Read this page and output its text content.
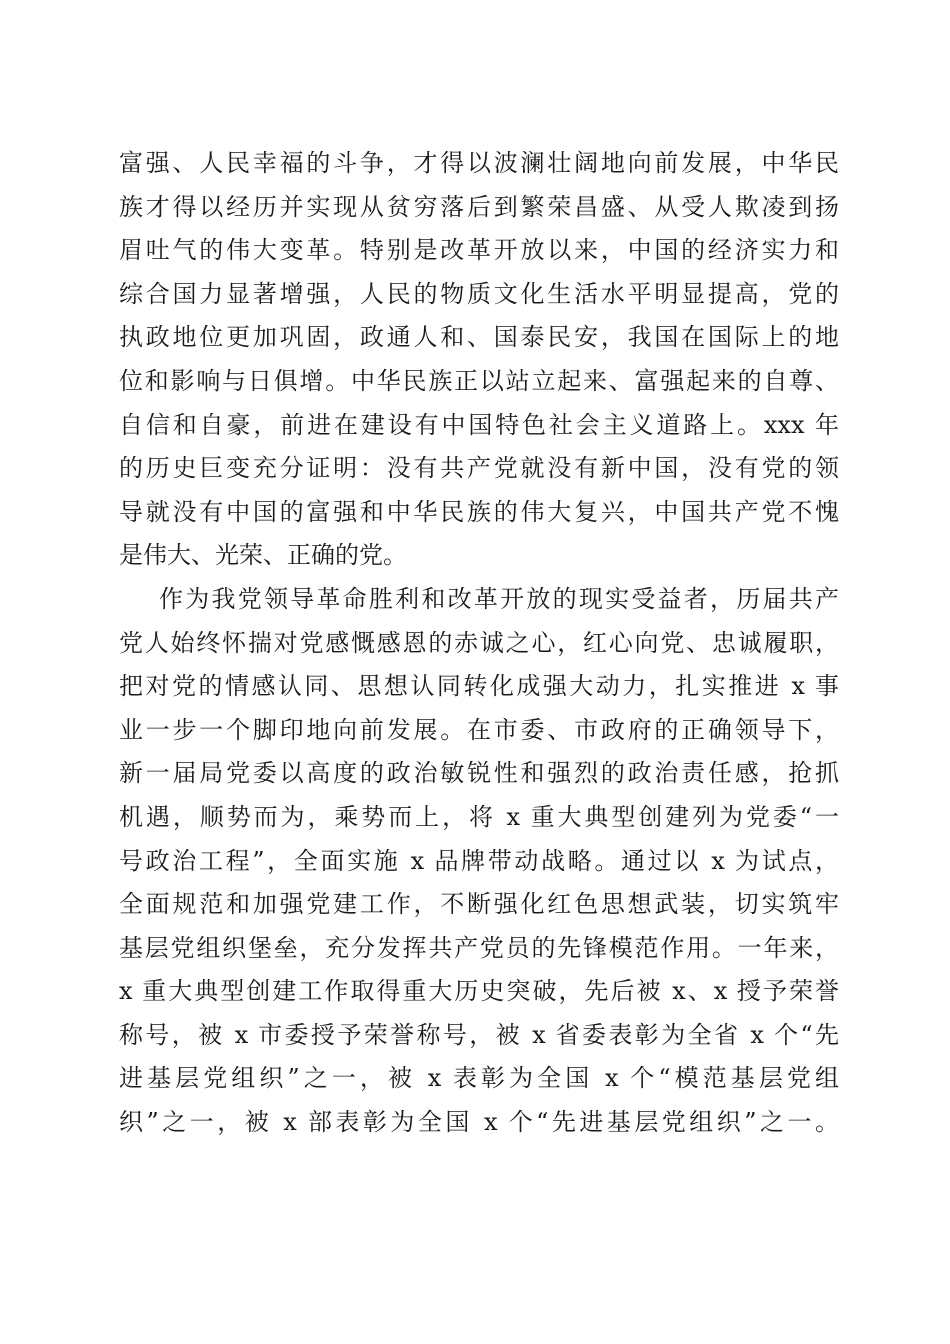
富强、人民幸福的斗争，才得以波澜壮阔地向前发展，中华民
族才得以经历并实现从贫穷落后到繁荣昌盛、从受人欺凌到扬
眉吐气的伟大变革。特别是改革开放以来，中国的经济实力和
综合国力显著增强，人民的物质文化生活水平明显提高，党的
执政地位更加巩固，政通人和、国泰民安，我国在国际上的地
位和影响与日俱增。中华民族正以站立起来、富强起来的自尊、
自信和自豪，前进在建设有中国特色社会主义道路上。xxx 年
的历史巨变充分证明：没有共产党就没有新中国，没有党的领
导就没有中国的富强和中华民族的伟大复兴，中国共产党不愧
是伟大、光荣、正确的党。
作为我党领导革命胜利和改革开放的现实受益者，历届共产
党人始终怀揣对党感慨感恩的赤诚之心，红心向党、忠诚履职，
把对党的情感认同、思想认同转化成强大动力，扎实推进 x 事
业一步一个脚印地向前发展。在市委、市政府的正确领导下，
新一届局党委以高度的政治敏锐性和强烈的政治责任感，抢抓
机遇，顺势而为，乘势而上，将 x 重大典型创建列为党委“一
号政治工程”，全面实施 x 品牌带动战略。通过以 x 为试点，
全面规范和加强党建工作，不断强化红色思想武装，切实筑牢
基层党组织堡垒，充分发挥共产党员的先锋模范作用。一年来，
x 重大典型创建工作取得重大历史突破，先后被 x、x 授予荣誉
称号，被 x 市委授予荣誉称号，被 x 省委表彰为全省 x 个“先
进基层党组织”之一，被 x 表彰为全国 x 个“模范基层党组
织”之一，被 x 部表彰为全国 x 个“先进基层党组织”之一。
